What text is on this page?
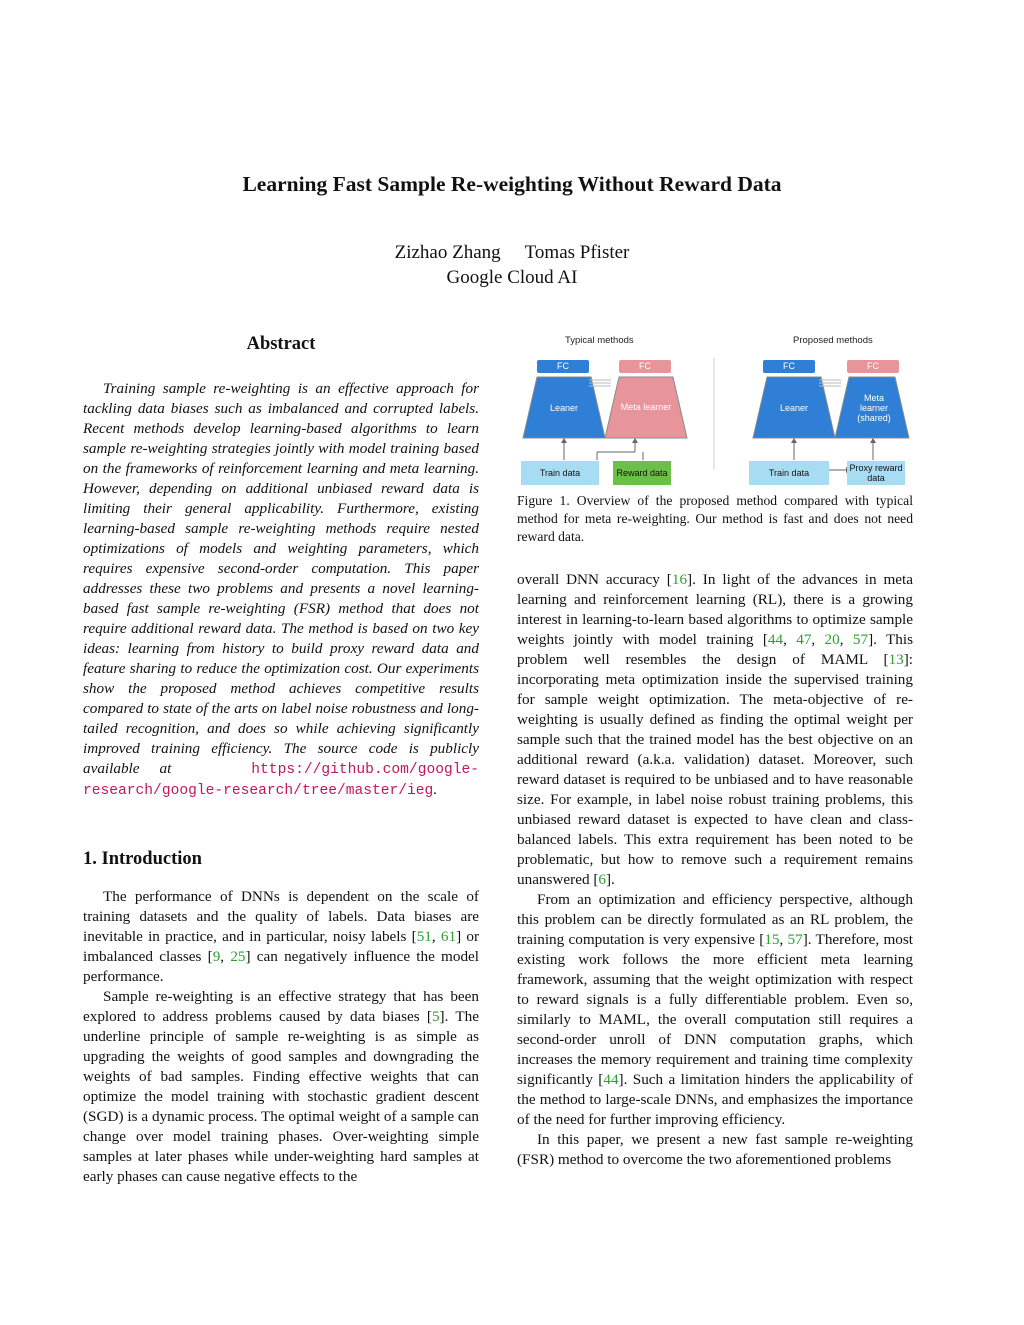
Learning Fast Sample Re-weighting Without Reward Data
Zizhao Zhang Tomas Pfister
Google Cloud AI
Abstract

Training sample re-weighting is an effective approach for tackling data biases such as imbalanced and corrupted labels. Recent methods develop learning-based algorithms to learn sample re-weighting strategies jointly with model training based on the frameworks of reinforcement learning and meta learning. However, depending on additional unbiased reward data is limiting their general applicability. Furthermore, existing learning-based sample re-weighting methods require nested optimizations of models and weighting parameters, which requires expensive second-order computation. This paper addresses these two problems and presents a novel learning-based fast sample re-weighting (FSR) method that does not require additional reward data. The method is based on two key ideas: learning from history to build proxy reward data and feature sharing to reduce the optimization cost. Our experiments show the proposed method achieves competitive results compared to state of the arts on label noise robustness and long-tailed recognition, and does so while achieving significantly improved training efficiency. The source code is publicly available at	https://github.com/google-research/google-research/tree/master/ieg.

1. Introduction

The performance of DNNs is dependent on the scale of training datasets and the quality of labels. Data biases are inevitable in practice, and in particular, noisy labels [51, 61] or imbalanced classes [9, 25] can negatively influence the model performance.

Sample re-weighting is an effective strategy that has been explored to address problems caused by data biases [5]. The underline principle of sample re-weighting is as simple as upgrading the weights of good samples and downgrading the weights of bad samples. Finding effective weights that can optimize the model training with stochastic gradient descent (SGD) is a dynamic process. The optimal weight of a sample can change over model training phases. Over-weighting simple samples at later phases while under-weighting hard samples at early phases can cause negative effects to the

Typical methods	Proposed methods
FC	FC	FC	FC
Leaner	Meta learner	Leaner
Meta learner (shared)
Train data	Reward data	Train data	Proxy reward data
Figure 1. Overview of the proposed method compared with typical method for meta re-weighting. Our method is fast and does not need reward data.

overall DNN accuracy [16]. In light of the advances in meta learning and reinforcement learning (RL), there is a growing interest in learning-to-learn based algorithms to optimize sample weights jointly with model training [44, 47, 20, 57]. This problem well resembles the design of MAML [13]: incorporating meta optimization inside the supervised training for sample weight optimization. The meta-objective of re-weighting is usually defined as finding the optimal weight per sample such that the trained model has the best objective on an additional reward (a.k.a. validation) dataset. Moreover, such reward dataset is required to be unbiased and to have reasonable size. For example, in label noise robust training problems, this unbiased reward dataset is expected to have clean and class-balanced labels. This extra requirement has been noted to be problematic, but how to remove such a requirement remains unanswered [6].

From an optimization and efficiency perspective, although this problem can be directly formulated as an RL problem, the training computation is very expensive [15, 57]. Therefore, most existing work follows the more efficient meta learning framework, assuming that the weight optimization with respect to reward signals is a fully differentiable problem. Even so, similarly to MAML, the overall computation still requires a second-order unroll of DNN computation graphs, which increases the memory requirement and training time complexity significantly [44]. Such a limitation hinders the applicability of the method to large-scale DNNs, and emphasizes the importance of the need for further improving efficiency.

In this paper, we present a new fast sample re-weighting (FSR) method to overcome the two aforementioned problems
